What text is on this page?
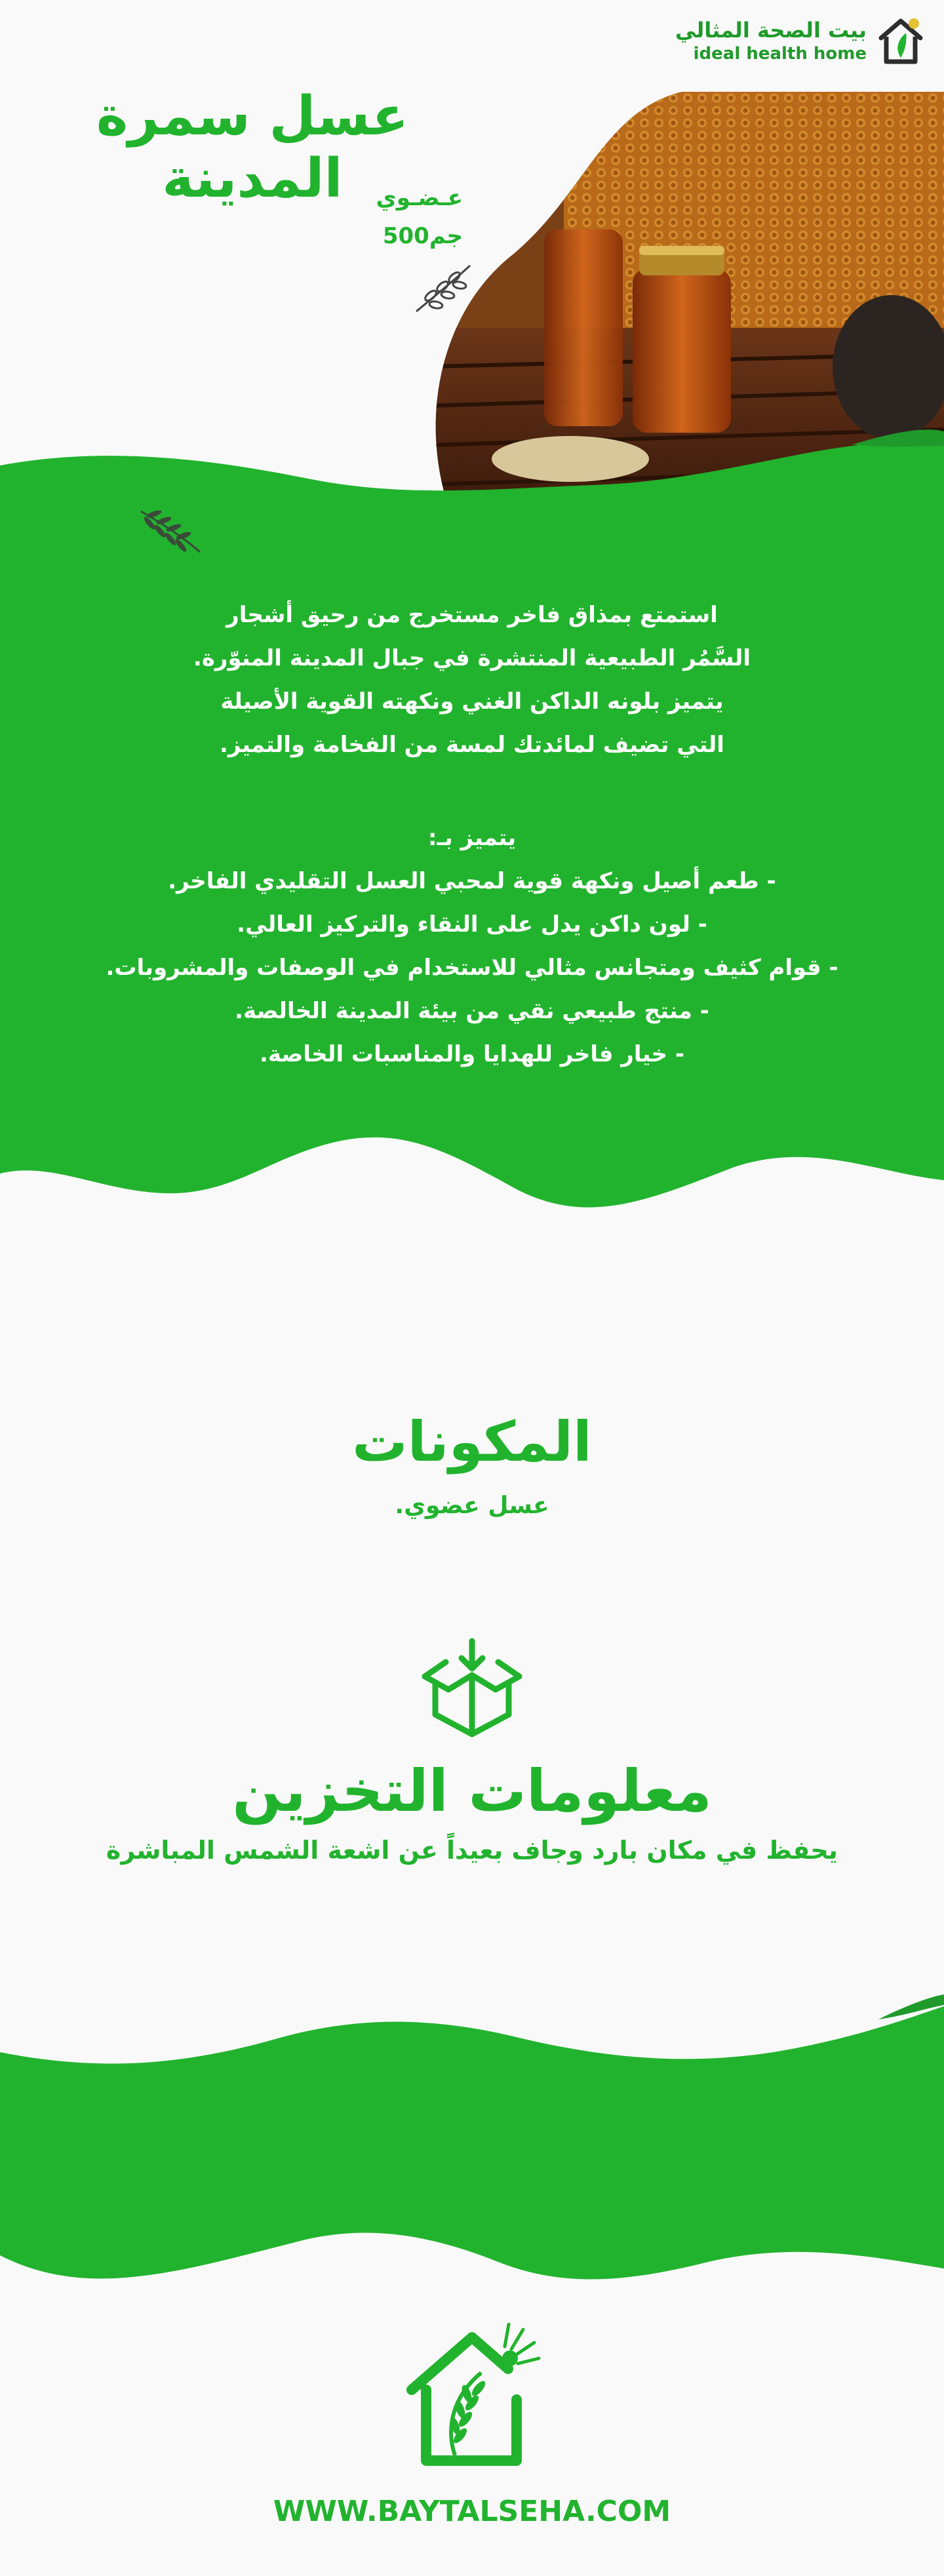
بيت الصحة المثالي
ideal health home
عسل سمرة المدينة	عـضـوي
500جم
استمتع بمذاق فاخر مستخرج من رحيق أشجار
السَّمُر الطبيعية المنتشرة في جبال المدينة المنوّرة.
يتميز بلونه الداكن الغني ونكهته القوية الأصيلة
التي تضيف لمائدتك لمسة من الفخامة والتميز.
يتميز بـ:
- طعم أصيل ونكهة قوية لمحبي العسل التقليدي الفاخر.
- لون داكن يدل على النقاء والتركيز العالي.
- قوام كثيف ومتجانس مثالي للاستخدام في الوصفات والمشروبات.
- منتج طبيعي نقي من بيئة المدينة الخالصة.
- خيار فاخر للهدايا والمناسبات الخاصة.
المكونات
عسل عضوي.
معلومات التخزين
يحفظ في مكان بارد وجاف بعيداً عن اشعة الشمس المباشرة
WWW.BAYTALSEHA.COM
